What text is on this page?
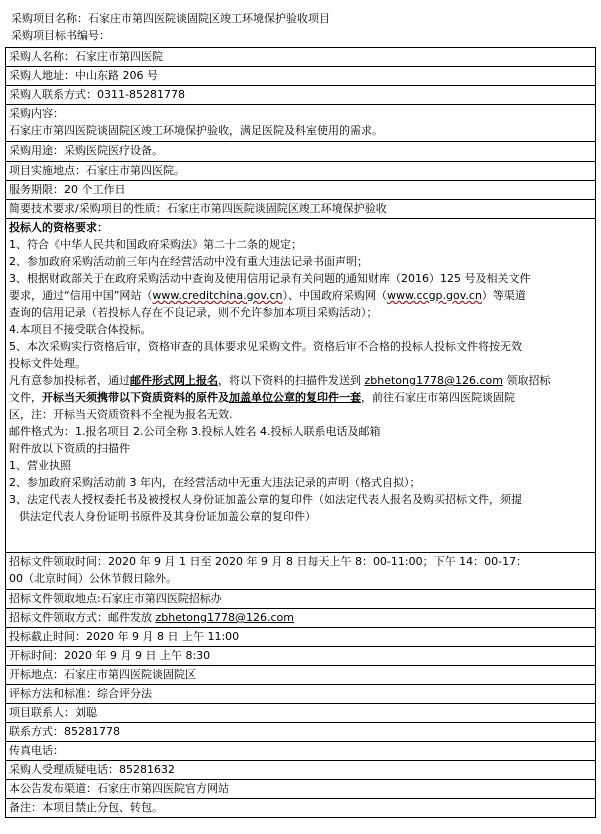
采购项目名称：石家庄市第四医院谈固院区竣工环境保护验收项目
采购项目标书编号：
采购人名称：石家庄市第四医院
采购人地址：中山东路 206 号
采购人联系方式：0311-85281778

采购内容：
石家庄市第四医院谈固院区竣工环境保护验收，满足医院及科室使用的需求。

采购用途：采购医院医疗设备。
项目实施地点：石家庄市第四医院。
服务期限：20 个工作日
简要技术要求/采购项目的性质：石家庄市第四医院谈固院区竣工环境保护验收

投标人的资格要求：
1、符合《中华人民共和国政府采购法》第二十二条的规定；
2、参加政府采购活动前三年内在经营活动中没有重大违法记录书面声明；
3、根据财政部关于在政府采购活动中查询及使用信用记录有关问题的通知财库（2016）125 号及相关文件
要求，通过“信用中国”网站（www.creditchina.gov.cn）、中国政府采购网（www.ccgp.gov.cn）等渠道
查询的信用记录（若投标人存在不良记录，则不允许参加本项目采购活动）；
4.本项目不接受联合体投标。
5、本次采购实行资格后审，资格审查的具体要求见采购文件。资格后审不合格的投标人投标文件将按无效
投标文件处理。
凡有意参加投标者，通过邮件形式网上报名，将以下资料的扫描件发送到 zbhetong1778@126.com 领取招标
文件，开标当天须携带以下资质资料的原件及加盖单位公章的复印件一套，前往石家庄市第四医院谈固院
区，注：开标当天资质资料不全视为报名无效.
邮件格式为：1.报名项目 2.公司全称 3.投标人姓名 4.投标人联系电话及邮箱
附件放以下资质的扫描件
1、营业执照
2、参加政府采购活动前 3 年内，在经营活动中无重大违法记录的声明（格式自拟）；
3、法定代表人授权委托书及被授权人身份证加盖公章的复印件（如法定代表人报名及购买招标文件，须提
供法定代表人身份证明书原件及其身份证加盖公章的复印件）

招标文件领取时间：2020 年 9 月 1 日至 2020 年 9 月 8 日每天上午 8：00-11:00；下午 14：00-17：
00（北京时间）公休节假日除外。

招标文件领取地点:石家庄市第四医院招标办
招标文件领取方式：邮件发放 zbhetong1778@126.com
投标截止时间：2020 年 9 月 8 日 上午 11:00
开标时间：2020 年 9 月 9 日 上午 8:30
开标地点：石家庄市第四医院谈固院区
评标方法和标准：综合评分法
项目联系人：刘聪
联系方式：85281778
传真电话：
采购人受理质疑电话：85281632
本公告发布渠道：石家庄市第四医院官方网站
备注：本项目禁止分包、转包。
